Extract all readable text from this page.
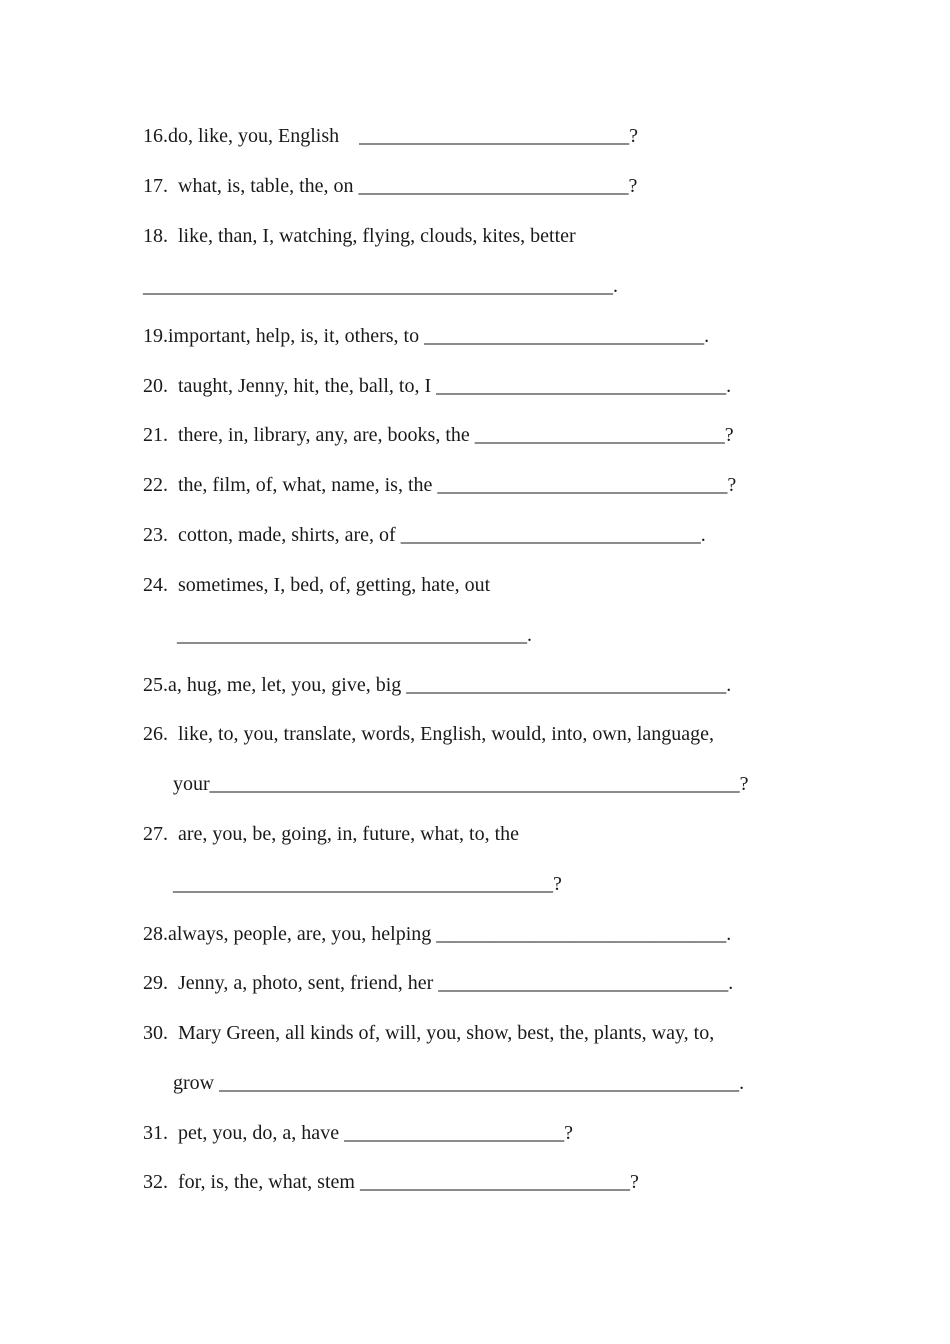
16.do, like, you, English    ___________________________?
17.  what, is, table, the, on ___________________________?
18.  like, than, I, watching, flying, clouds, kites, better
_______________________________________________.
19.important, help, is, it, others, to ____________________________.
20.  taught, Jenny, hit, the, ball, to, I _____________________________.
21.  there, in, library, any, are, books, the _________________________?
22.  the, film, of, what, name, is, the _____________________________?
23.  cotton, made, shirts, are, of ______________________________.
24.  sometimes, I, bed, of, getting, hate, out
___________________________________.
25.a, hug, me, let, you, give, big ________________________________.
26.  like, to, you, translate, words, English, would, into, own, language,
your_____________________________________________________?
27.  are, you, be, going, in, future, what, to, the
______________________________________?
28.always, people, are, you, helping _____________________________.
29.  Jenny, a, photo, sent, friend, her _____________________________.
30.  Mary Green, all kinds of, will, you, show, best, the, plants, way, to,
grow ____________________________________________________.
31.  pet, you, do, a, have ______________________?
32.  for, is, the, what, stem ___________________________?
